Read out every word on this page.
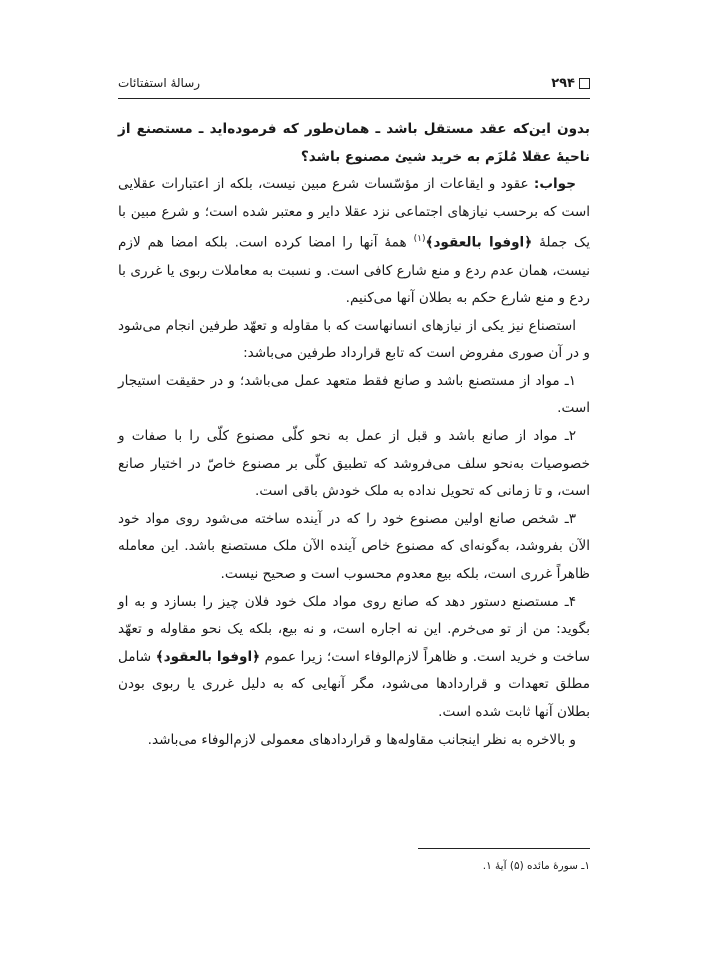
۲۹۴
رسالهٔ استفتائات

بدون این‌که عقد مستقل باشد ـ همان‌طور که فرموده‌اید ـ مستصنع از ناحیهٔ عقلا مُلزَم به خرید شیئ مصنوع باشد؟

جواب: عقود و ایقاعات از مؤسّسات شرع مبین نیست، بلکه از اعتبارات عقلایی است که برحسب نیازهای اجتماعی نزد عقلا دایر و معتبر شده است؛ و شرع مبین با یک جملهٔ ﴿اوفوا بالعقود﴾$^{(۱)}$ همهٔ آنها را امضا کرده است. بلکه امضا هم لازم نیست، همان عدم ردع و منع شارع کافی است. و نسبت به معاملات ربوی یا غرری با ردع و منع شارع حکم به بطلان آنها می‌کنیم.

استصناع نیز یکی از نیازهای انسانهاست که با مقاوله و تعهّد طرفین انجام می‌شود و در آن صوری مفروض است که تابع قرارداد طرفین می‌باشد:

۱ـ مواد از مستصنع باشد و صانع فقط متعهد عمل می‌باشد؛ و در حقیقت استیجار است.

۲ـ مواد از صانع باشد و قبل از عمل به نحو کلّی مصنوع کلّی را با صفات و خصوصیات به‌نحو سلف می‌فروشد که تطبیق کلّی بر مصنوع خاصّ در اختیار صانع است، و تا زمانی که تحویل نداده به ملک خودش باقی است.

۳ـ شخص صانع اولین مصنوع خود را که در آینده ساخته می‌شود روی مواد خود الآن بفروشد، به‌گونه‌ای که مصنوع خاص آینده الآن ملک مستصنع باشد. این معامله ظاهراً غرری است، بلکه بیع معدوم محسوب است و صحیح نیست.

۴ـ مستصنع دستور دهد که صانع روی مواد ملک خود فلان چیز را بسازد و به او بگوید: من از تو می‌خرم. این نه اجاره است، و نه بیع، بلکه یک نحو مقاوله و تعهّد ساخت و خرید است. و ظاهراً لازم‌الوفاء است؛ زیرا عموم ﴿اوفوا بالعقود﴾ شامل مطلق تعهدات و قراردادها می‌شود، مگر آنهایی که به دلیل غرری یا ربوی بودن بطلان آنها ثابت شده است.

و بالاخره به نظر اینجانب مقاوله‌ها و قراردادهای معمولی لازم‌الوفاء می‌باشد.

۱ـ سورهٔ مائده (۵) آیهٔ ۱.
